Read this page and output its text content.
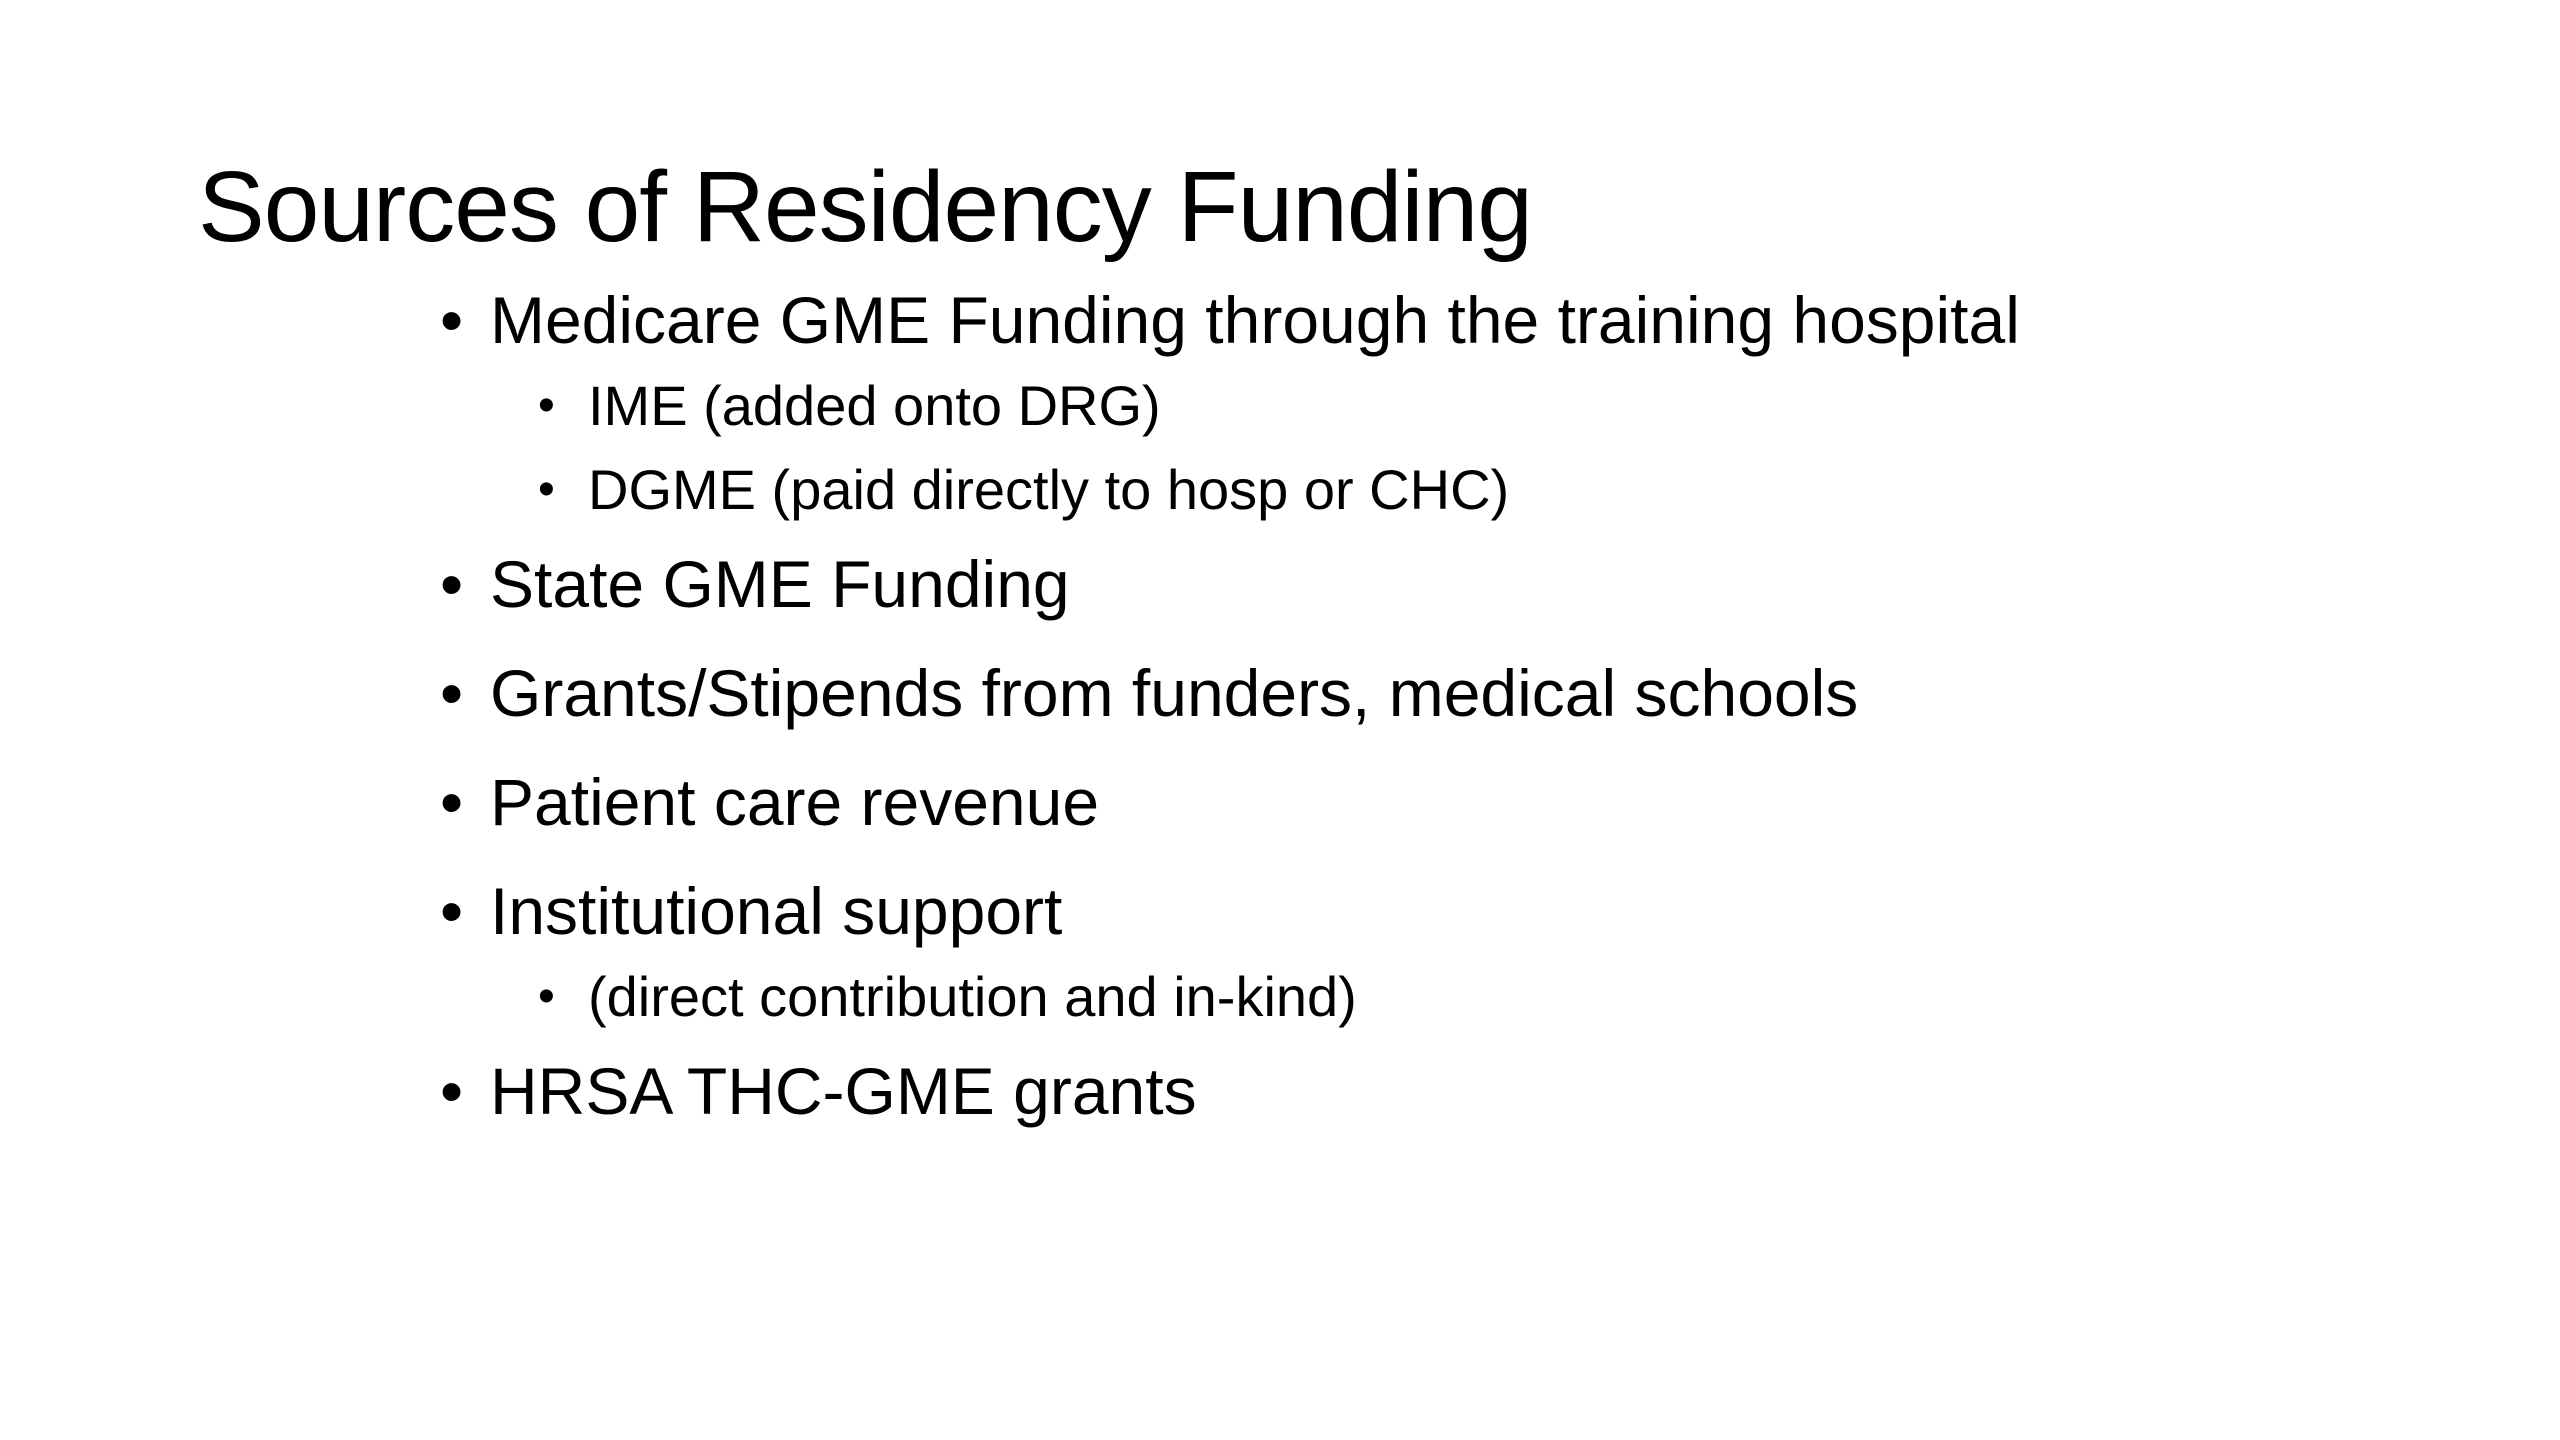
Sources of Residency Funding
• Medicare GME Funding through the training hospital
• IME (added onto DRG)
• DGME (paid directly to hosp or CHC)
• State GME Funding
• Grants/Stipends from funders, medical schools
• Patient care revenue
• Institutional support
• (direct contribution and in-kind)
• HRSA THC-GME grants
